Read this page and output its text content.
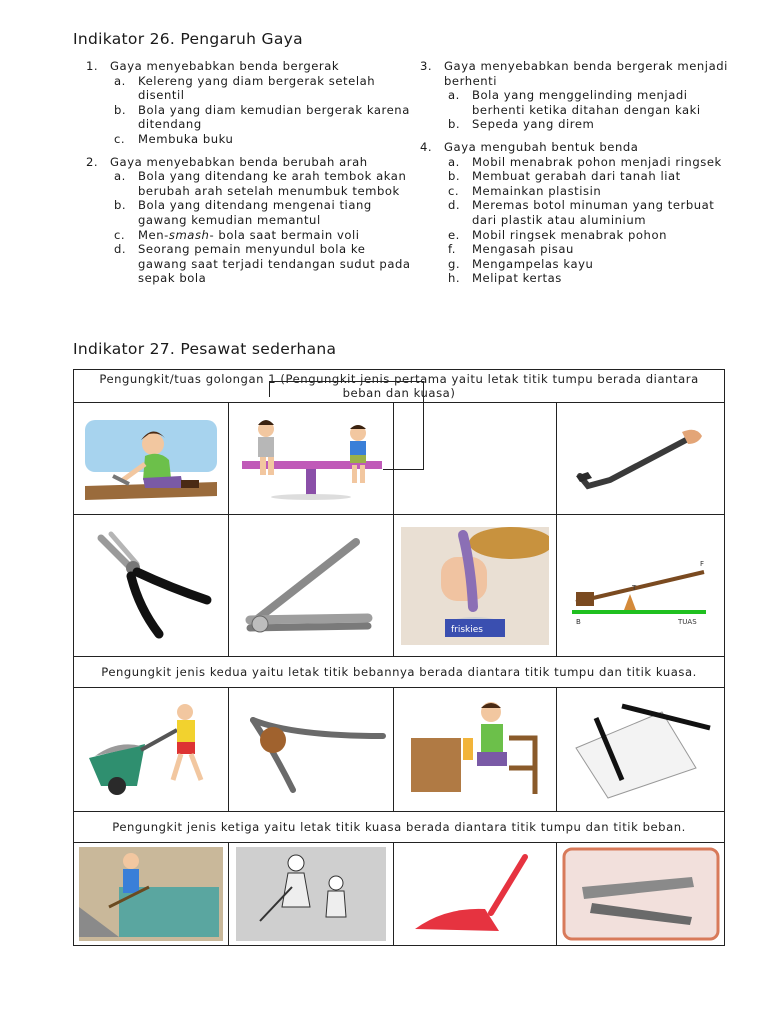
Indikator 26. Pengaruh Gaya
1. Gaya menyebabkan benda bergerak
a. Kelereng yang diam bergerak setelah disentil
b. Bola yang diam kemudian bergerak karena ditendang
c. Membuka buku
2. Gaya menyebabkan benda berubah arah
a. Bola yang ditendang ke arah tembok akan berubah arah setelah menumbuk tembok
b. Bola yang ditendang mengenai tiang gawang kemudian memantul
c. Men-smash- bola saat bermain voli
d. Seorang pemain menyundul bola ke gawang saat terjadi tendangan sudut pada sepak bola
3. Gaya menyebabkan benda bergerak menjadi berhenti
a. Bola yang menggelinding menjadi berhenti ketika ditahan dengan kaki
b. Sepeda yang direm
4. Gaya mengubah bentuk benda
a. Mobil menabrak pohon menjadi ringsek
b. Membuat gerabah dari tanah liat
c. Memainkan plastisin
d. Meremas botol minuman yang terbuat dari plastik atau aluminium
e. Mobil ringsek menabrak pohon
f. Mengasah pisau
g. Mengampelas kayu
h. Melipat kertas
Indikator 27. Pesawat sederhana
Pengungkit/tuas golongan 1 (Pengungkit jenis pertama yaitu letak titik tumpu berada diantara beban dan kuasa)			

friskies	F
T
B TUAS

Pengungkit jenis kedua yaitu letak titik bebannya berada diantara titik tumpu dan titik kuasa.			

Pengungkit jenis ketiga yaitu letak titik kuasa berada diantara titik tumpu dan titik beban.			
